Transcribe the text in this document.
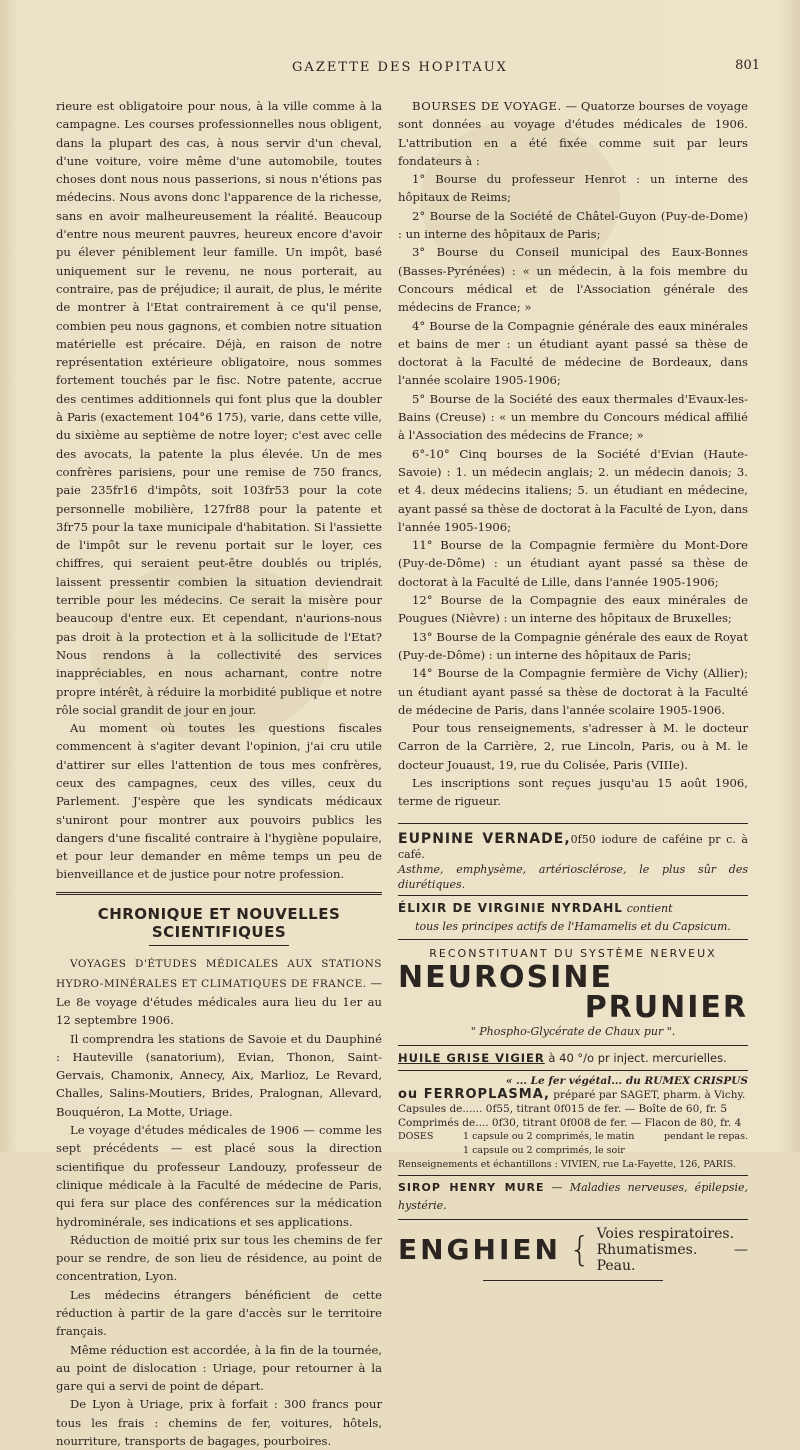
GAZETTE DES HOPITAUX	801

rieure est obligatoire pour nous, à la ville comme à la campagne. Les courses professionnelles nous obligent, dans la plupart des cas, à nous servir d'un cheval, d'une voiture, voire même d'une automobile, toutes choses dont nous nous passerions, si nous n'étions pas médecins. Nous avons donc l'apparence de la richesse, sans en avoir malheureusement la réalité. Beaucoup d'entre nous meurent pauvres, heureux encore d'avoir pu élever péniblement leur famille. Un impôt, basé uniquement sur le revenu, ne nous porterait, au contraire, pas de préjudice; il aurait, de plus, le mérite de montrer à l'Etat contrairement à ce qu'il pense, combien peu nous gagnons, et combien notre situation matérielle est précaire. Déjà, en raison de notre représentation extérieure obligatoire, nous sommes fortement touchés par le fisc. Notre patente, accrue des centimes additionnels qui font plus que la doubler à Paris (exactement 104°6 175), varie, dans cette ville, du sixième au septième de notre loyer; c'est avec celle des avocats, la patente la plus élevée. Un de mes confrères parisiens, pour une remise de 750 francs, paie 235fr16 d'impôts, soit 103fr53 pour la cote personnelle mobilière, 127fr88 pour la patente et 3fr75 pour la taxe municipale d'habitation. Si l'assiette de l'impôt sur le revenu portait sur le loyer, ces chiffres, qui seraient peut-être doublés ou triplés, laissent pressentir combien la situation deviendrait terrible pour les médecins. Ce serait la misère pour beaucoup d'entre eux. Et cependant, n'aurions-nous pas droit à la protection et à la sollicitude de l'Etat? Nous rendons à la collectivité des services inappréciables, en nous acharnant, contre notre propre intérêt, à réduire la morbidité publique et notre rôle social grandit de jour en jour.

Au moment où toutes les questions fiscales commencent à s'agiter devant l'opinion, j'ai cru utile d'attirer sur elles l'attention de tous mes confrères, ceux des campagnes, ceux des villes, ceux du Parlement. J'espère que les syndicats médicaux s'uniront pour montrer aux pouvoirs publics les dangers d'une fiscalité contraire à l'hygiène populaire, et pour leur demander en même temps un peu de bienveillance et de justice pour notre profession.

CHRONIQUE ET NOUVELLES SCIENTIFIQUES

VOYAGES D'ÉTUDES MÉDICALES AUX STATIONS HYDRO-MINÉRALES ET CLIMATIQUES DE FRANCE. — Le 8e voyage d'études médicales aura lieu du 1er au 12 septembre 1906.

Il comprendra les stations de Savoie et du Dauphiné : Hauteville (sanatorium), Evian, Thonon, Saint-Gervais, Chamonix, Annecy, Aix, Marlioz, Le Revard, Challes, Salins-Moutiers, Brides, Pralognan, Allevard, Bouquéron, La Motte, Uriage.

Le voyage d'études médicales de 1906 — comme les sept précédents — est placé sous la direction scientifique du professeur Landouzy, professeur de clinique médicale à la Faculté de médecine de Paris, qui fera sur place des conférences sur la médication hydrominérale, ses indications et ses applications.

Réduction de moitié prix sur tous les chemins de fer pour se rendre, de son lieu de résidence, au point de concentration, Lyon.

Les médecins étrangers bénéficient de cette réduction à partir de la gare d'accès sur le territoire français.

Même réduction est accordée, à la fin de la tournée, au point de dislocation : Uriage, pour retourner à la gare qui a servi de point de départ.

De Lyon à Uriage, prix à forfait : 300 francs pour tous les frais : chemins de fer, voitures, hôtels, nourriture, transports de bagages, pourboires.

BOURSES DE VOYAGE. — Quatorze bourses de voyage sont données au voyage d'études médicales de 1906. L'attribution en a été fixée comme suit par leurs fondateurs à :

1° Bourse du professeur Henrot : un interne des hôpitaux de Reims;

2° Bourse de la Société de Châtel-Guyon (Puy-de-Dome) : un interne des hôpitaux de Paris;

3° Bourse du Conseil municipal des Eaux-Bonnes (Basses-Pyrénées) : « un médecin, à la fois membre du Concours médical et de l'Association générale des médecins de France; »

4° Bourse de la Compagnie générale des eaux minérales et bains de mer : un étudiant ayant passé sa thèse de doctorat à la Faculté de médecine de Bordeaux, dans l'année scolaire 1905-1906;

5° Bourse de la Société des eaux thermales d'Evaux-les-Bains (Creuse) : « un membre du Concours médical affilié à l'Association des médecins de France; »

6°-10° Cinq bourses de la Société d'Evian (Haute-Savoie) : 1. un médecin anglais; 2. un médecin danois; 3. et 4. deux médecins italiens; 5. un étudiant en médecine, ayant passé sa thèse de doctorat à la Faculté de Lyon, dans l'année 1905-1906;

11° Bourse de la Compagnie fermière du Mont-Dore (Puy-de-Dôme) : un étudiant ayant passé sa thèse de doctorat à la Faculté de Lille, dans l'année 1905-1906;

12° Bourse de la Compagnie des eaux minérales de Pougues (Nièvre) : un interne des hôpitaux de Bruxelles;

13° Bourse de la Compagnie générale des eaux de Royat (Puy-de-Dôme) : un interne des hôpitaux de Paris;

14° Bourse de la Compagnie fermière de Vichy (Allier); un étudiant ayant passé sa thèse de doctorat à la Faculté de médecine de Paris, dans l'année scolaire 1905-1906.

Pour tous renseignements, s'adresser à M. le docteur Carron de la Carrière, 2, rue Lincoln, Paris, ou à M. le docteur Jouaust, 19, rue du Colisée, Paris (VIIIe).

Les inscriptions sont reçues jusqu'au 15 août 1906, terme de rigueur.

EUPNINE VERNADE,0f50 iodure de caféine pr c. à café.
Asthme, emphysème, artériosclérose, le plus sûr des diurétiques.
ÉLIXIR DE VIRGINIE NYRDAHL contient
tous les principes actifs de l'Hamamelis et du Capsicum.
RECONSTITUANT DU SYSTÈME NERVEUX
NEUROSINE
PRUNIER
" Phospho-Glycérate de Chaux pur ".
HUILE GRISE VIGIER à 40 °/o pr inject. mercurielles.
« ... Le fer végétal... du RUMEX CRISPUS
ou FERROPLASMA, préparé par SAGET, pharm. à Vichy.
Capsules de...... 0f55, titrant 0f015 de fer. — Boîte de 60, fr. 5
Comprimés de.... 0f30, titrant 0f008 de fer. — Flacon de 80, fr. 4
DOSES	1 capsule ou 2 comprimés, le matin
1 capsule ou 2 comprimés, le soir
pendant le repas.
Renseignements et échantillons : VIVIEN, rue La-Fayette, 126, PARIS.
SIROP HENRY MURE — Maladies nerveuses, épilepsie, hystérie.
ENGHIEN { Voies respiratoires.
Rhumatismes. — Peau.
